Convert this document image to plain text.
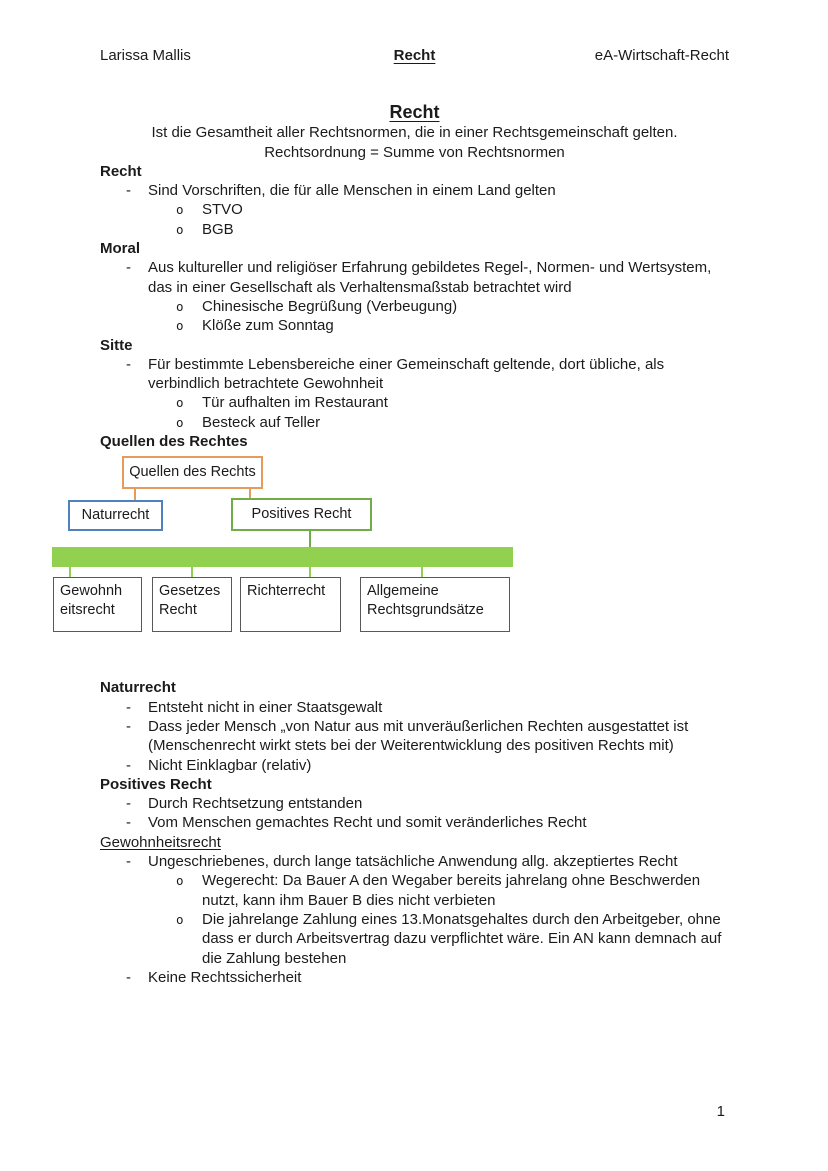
Larissa Mallis	Recht	eA-Wirtschaft-Recht
Recht
Ist die Gesamtheit aller Rechtsnormen, die in einer Rechtsgemeinschaft gelten.
Rechtsordnung = Summe von Rechtsnormen
Recht
- Sind Vorschriften, die für alle Menschen in einem Land gelten
o STVO
o BGB
Moral
- Aus kultureller und religiöser Erfahrung gebildetes Regel-, Normen- und Wertsystem, das in einer Gesellschaft als Verhaltensmaßstab betrachtet wird
o Chinesische Begrüßung (Verbeugung)
o Klöße zum Sonntag
Sitte
- Für bestimmte Lebensbereiche einer Gemeinschaft geltende, dort übliche, als verbindlich betrachtete Gewohnheit
o Tür aufhalten im Restaurant
o Besteck auf Teller
Quellen des Rechtes
Quellen des Rechts
Naturrecht	Positives Recht
Gewohnh
eitsrecht
Gesetzes
Recht
Richterrecht	Allgemeine
Rechtsgrundsätze
Naturrecht
- Entsteht nicht in einer Staatsgewalt
- Dass jeder Mensch „von Natur aus mit unveräußerlichen Rechten ausgestattet ist (Menschenrecht wirkt stets bei der Weiterentwicklung des positiven Rechts mit)
- Nicht Einklagbar (relativ)
Positives Recht
- Durch Rechtsetzung entstanden
- Vom Menschen gemachtes Recht und somit veränderliches Recht
Gewohnheitsrecht
- Ungeschriebenes, durch lange tatsächliche Anwendung allg. akzeptiertes Recht
o Wegerecht: Da Bauer A den Wegaber bereits jahrelang ohne Beschwerden nutzt, kann ihm Bauer B dies nicht verbieten
o Die jahrelange Zahlung eines 13.Monatsgehaltes durch den Arbeitgeber, ohne dass er durch Arbeitsvertrag dazu verpflichtet wäre. Ein AN kann demnach auf die Zahlung bestehen
- Keine Rechtssicherheit
1
